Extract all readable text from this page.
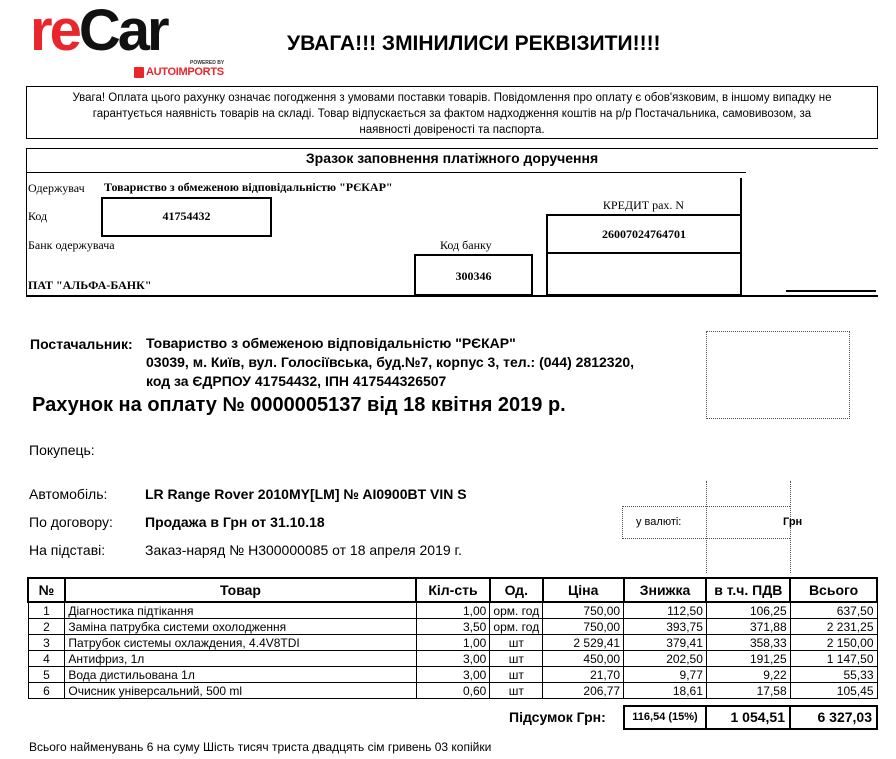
reCar	POWERED BY
AUTOIMPORTS
УВАГА!!! ЗМІНИЛИСИ РЕКВІЗИТИ!!!!
Увага! Оплата цього рахунку означає погодження з умовами поставки товарів. Повідомлення про оплату є обов'язковим, в іншому випадку не
гарантується наявність товарів на складі. Товар відпускається за фактом надходження коштів на р/р Постачальника, самовивозом, за
наявності довіреності та паспорта.
Зразок заповнення платіжного доручення
Одержувач Товариство з обмеженою відповідальністю "РЄКАР"
Код	41754432
КРЕДИТ рах. N
26007024764701
Банк одержувача	Код банку
300346
ПАТ "АЛЬФА-БАНК"
Постачальник: Товариство з обмеженою відповідальністю "РЄКАР"
03039, м. Київ, вул. Голосіївська, буд.№7, корпус 3, тел.: (044) 2812320,
код за ЄДРПОУ 41754432, ІПН 417544326507
Рахунок на оплату № 0000005137 від 18 квітня 2019 р.
Покупець:
Автомобіль:	LR Range Rover 2010MY[LM] № AI0900BT VIN S
По договору: Продажа в Грн от 31.10.18
На підставі:	Заказ-наряд № Н300000085 от 18 апреля 2019 г.
у валюті:	Грн
№	Товар	Кіл-сть	Од.	Ціна	Знижка	в т.ч. ПДВ	Всього
1	Діагностика підтікання	1,00	орм. год	750,00	112,50	106,25	637,50
2	Заміна патрубка системи охолодження	3,50	орм. год	750,00	393,75	371,88	2 231,25
3	Патрубок системы охлаждения, 4.4V8TDI	1,00	шт	2 529,41	379,41	358,33	2 150,00
4	Антифриз, 1л	3,00	шт	450,00	202,50	191,25	1 147,50
5	Вода дистильована 1л	3,00	шт	21,70	9,77	9,22	55,33
6	Очисник універсальний, 500 ml	0,60	шт	206,77	18,61	17,58	105,45
Підсумок Грн:	116,54 (15%)	1 054,51	6 327,03
Всього найменувань 6 на суму Шість тисяч триста двадцять сім гривень 03 копійки
